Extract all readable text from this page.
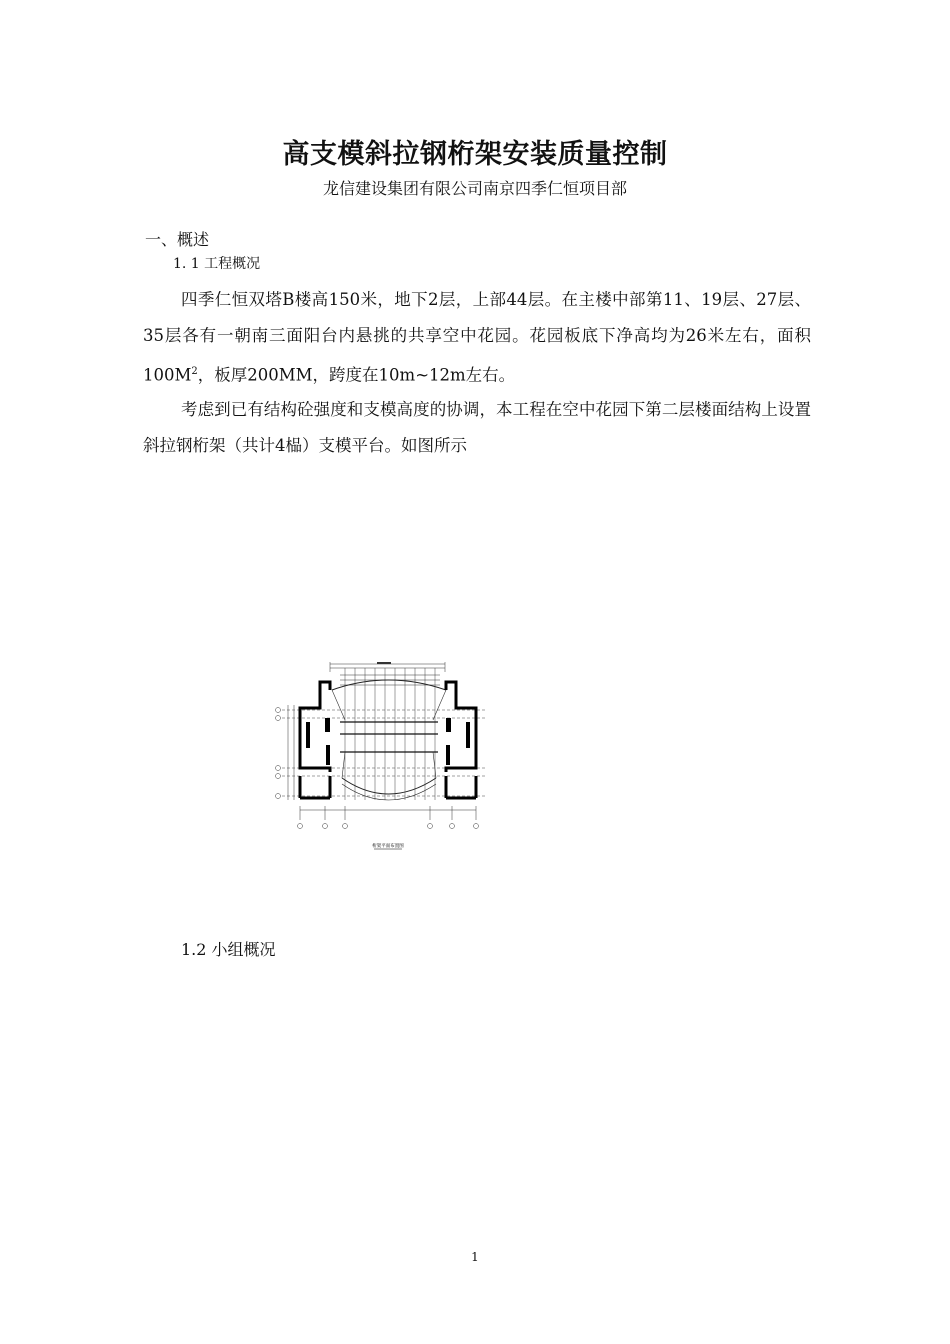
高支模斜拉钢桁架安装质量控制
龙信建设集团有限公司南京四季仁恒项目部
一、概述
1. 1 工程概况
四季仁恒双塔B楼高150米，地下2层，上部44层。在主楼中部第11、19层、27层、35层各有一朝南三面阳台内悬挑的共享空中花园。花园板底下净高均为26米左右，面积$100M^2$，板厚200MM，跨度在10m~12m左右。
考虑到已有结构砼强度和支模高度的协调，本工程在空中花园下第二层楼面结构上设置斜拉钢桁架（共计4榀）支模平台。如图所示
桁架平面布置图
1.2 小组概况
1
